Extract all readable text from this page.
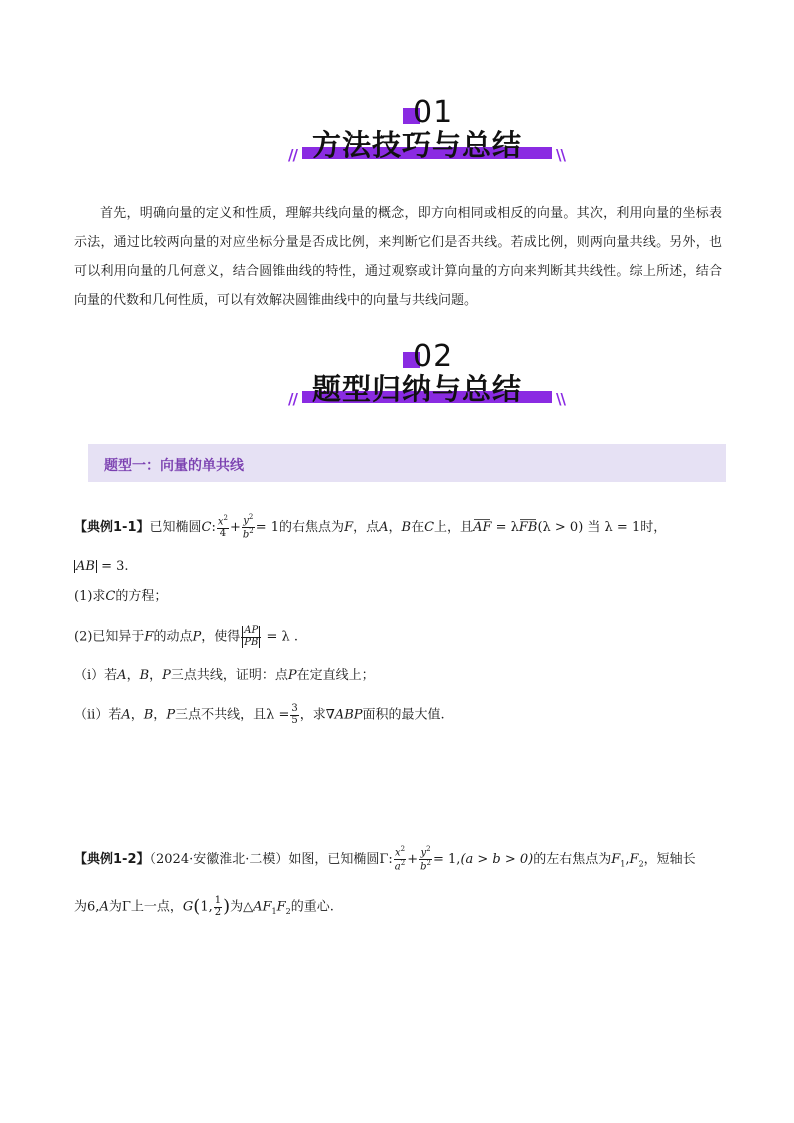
01
方法技巧与总结
//	\\
首先，明确向量的定义和性质，理解共线向量的概念，即方向相同或相反的向量。其次，利用向量的坐标表示法，通过比较两向量的对应坐标分量是否成比例，来判断它们是否共线。若成比例，则两向量共线。另外，也可以利用向量的几何意义，结合圆锥曲线的特性，通过观察或计算向量的方向来判断其共线性。综上所述，结合向量的代数和几何性质，可以有效解决圆锥曲线中的向量与共线问题。
02
题型归纳与总结
//	\\
题型一：向量的单共线
【典例1-1】已知椭圆C: $\frac{x^2}{4} + \frac{y^2}{b^2} = 1$的右焦点为F，点A，B在C上，且AF = λFB(λ > 0) 当 λ = 1时，
AB = 3.
(1)求C的方程；
(2)已知异于F的动点P，使得 $\frac{AP}{PB} = \lambda$ .
（i）若A，B，P三点共线，证明：点P在定直线上；
（ii）若A，B，P三点不共线，且$\lambda = \frac{3}{5}$ ，求∇ABP面积的最大值.
【典例1-2】（2024·安徽淮北·二模）如图，已知椭圆Γ: $\frac{x^2}{a^2} + \frac{y^2}{b^2} = 1,(a > b > 0)$的左右焦点为$F_1,F_2$，短轴长
为6,A为Γ上一点，G(1, $\frac{1}{2}$ )为$\triangle AF_1F_2$的重心.
